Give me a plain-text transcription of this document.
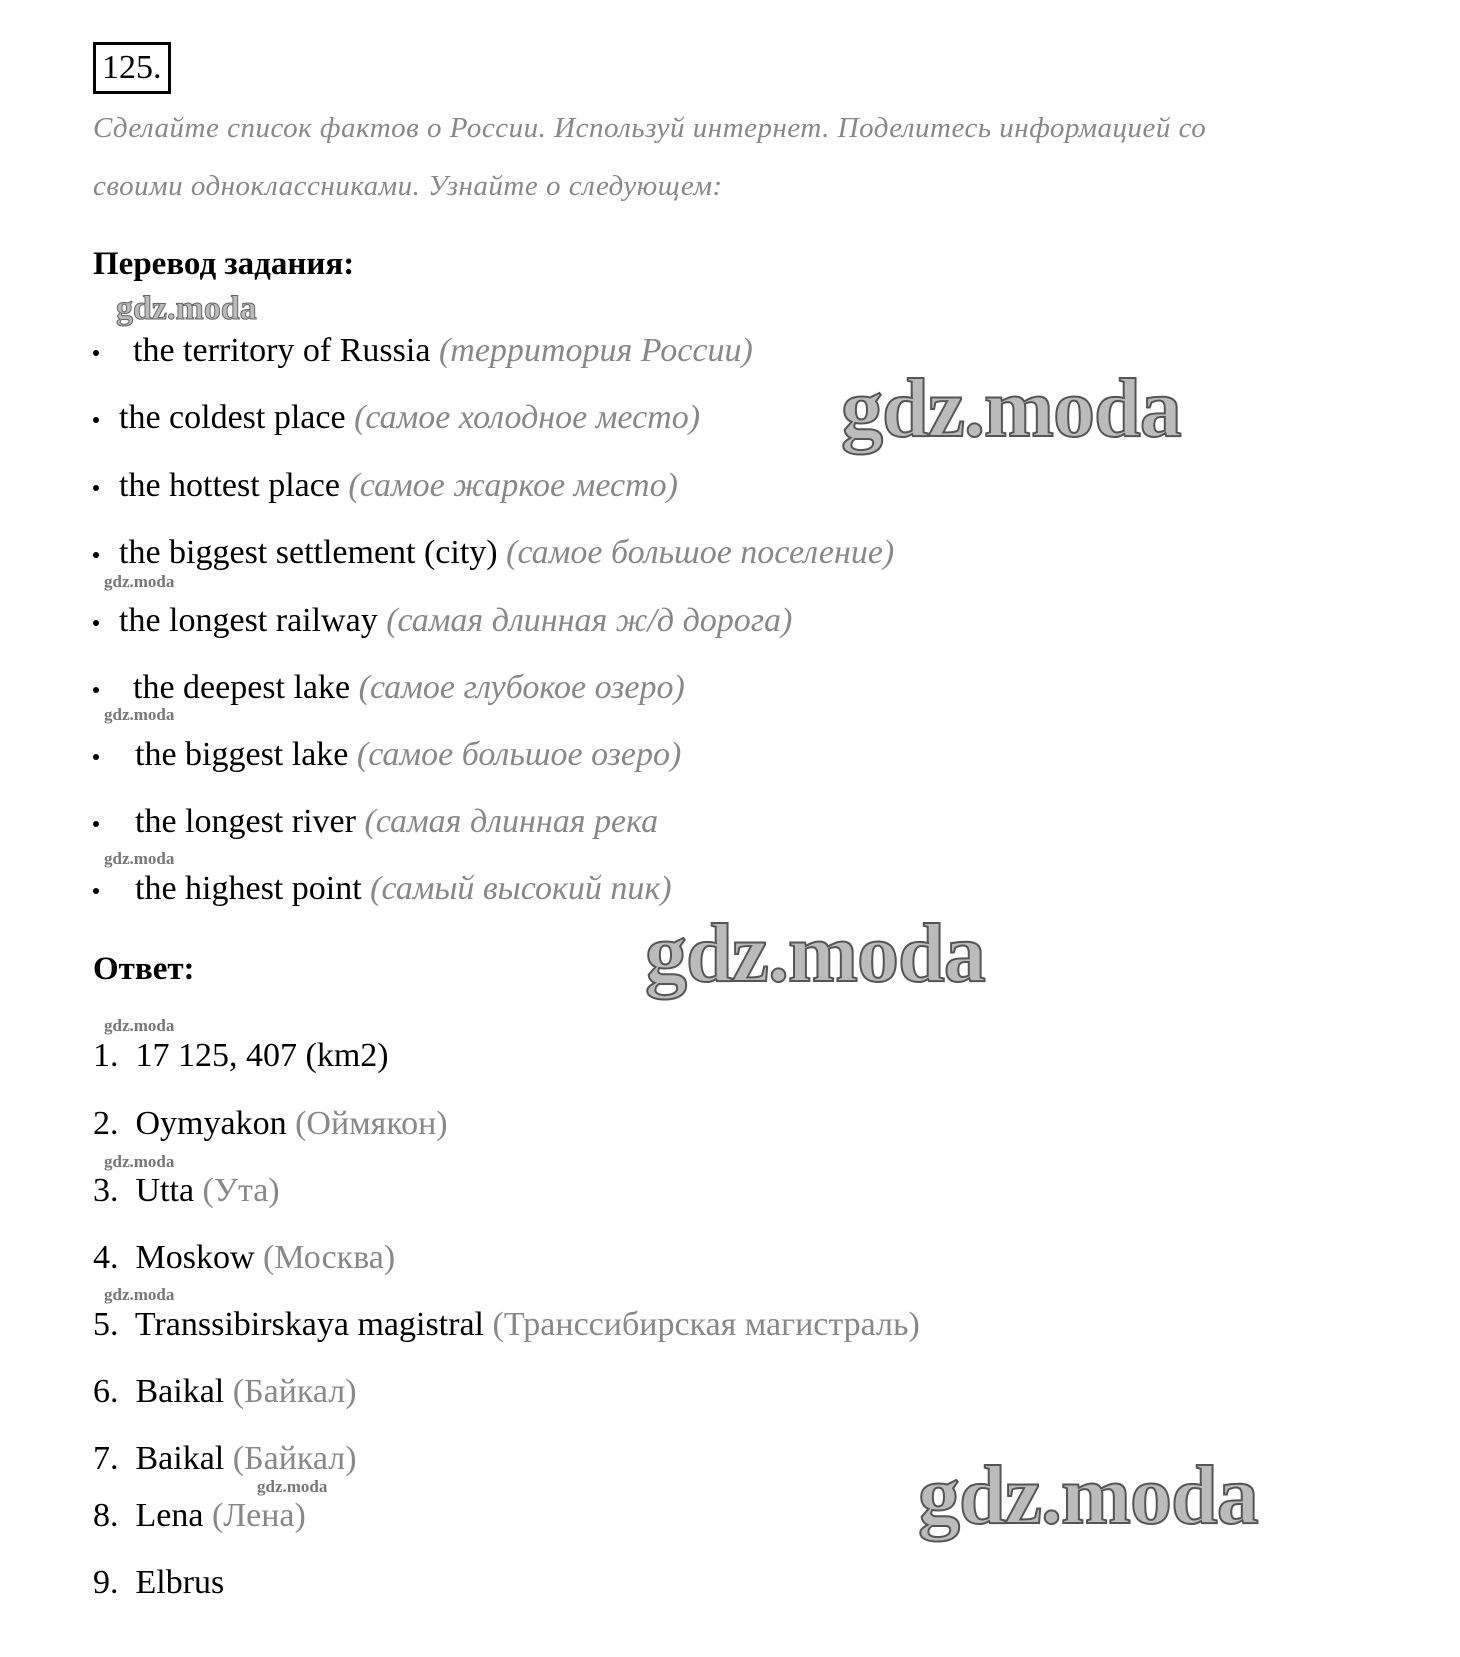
125.
Сделайте список фактов о России. Используй интернет. Поделитесь информацией со
своими одноклассниками. Узнайте о следующем:
Перевод задания:
the territory of Russia (территория России)
the coldest place (самое холодное место)
the hottest place (самое жаркое место)
the biggest settlement (city) (самое большое поселение)
the longest railway (самая длинная ж/д дорога)
the deepest lake (самое глубокое озеро)
the biggest lake (самое большое озеро)
the longest river (самая длинная река
the highest point (самый высокий пик)
Ответ:
1. 17 125, 407 (km2)
2. Oymyakon (Оймякон)
3. Utta (Ута)
4. Moskow (Москва)
5. Transsibirskaya magistral (Транссибирская магистраль)
6. Baikal (Байкал)
7. Baikal (Байкал)
8. Lena (Лена)
9. Elbrus
gdz.moda
gdz.moda
gdz.moda
gdz.moda
gdz.moda
gdz.moda
gdz.moda
gdz.moda
gdz.moda
gdz.moda
gdz.moda
